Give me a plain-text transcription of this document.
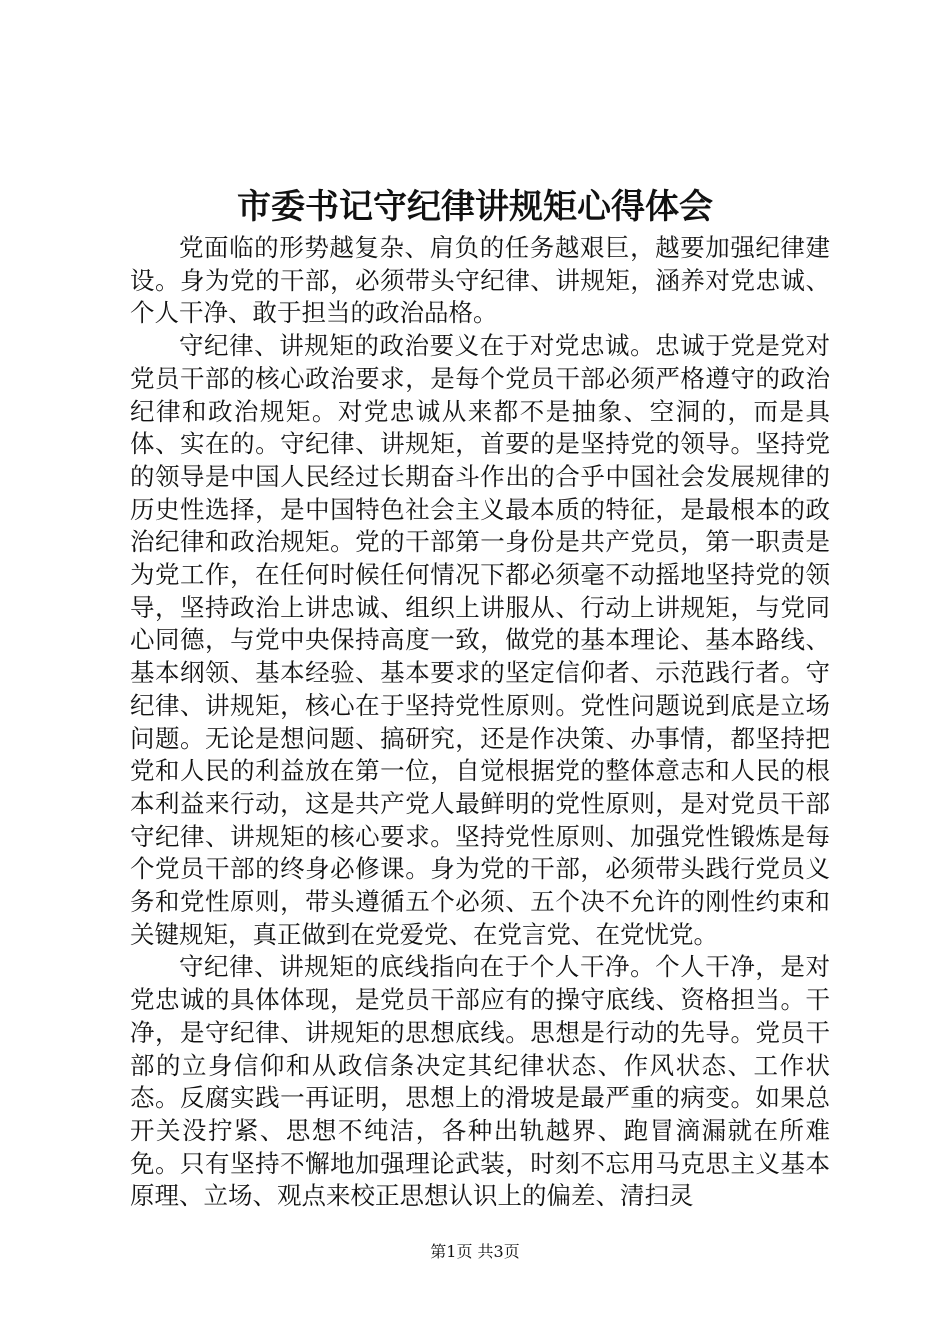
市委书记守纪律讲规矩心得体会

党面临的形势越复杂、肩负的任务越艰巨，越要加强纪律建设。身为党的干部，必须带头守纪律、讲规矩，涵养对党忠诚、个人干净、敢于担当的政治品格。

守纪律、讲规矩的政治要义在于对党忠诚。忠诚于党是党对党员干部的核心政治要求，是每个党员干部必须严格遵守的政治纪律和政治规矩。对党忠诚从来都不是抽象、空洞的，而是具体、实在的。守纪律、讲规矩，首要的是坚持党的领导。坚持党的领导是中国人民经过长期奋斗作出的合乎中国社会发展规律的历史性选择，是中国特色社会主义最本质的特征，是最根本的政治纪律和政治规矩。党的干部第一身份是共产党员，第一职责是为党工作，在任何时候任何情况下都必须毫不动摇地坚持党的领导，坚持政治上讲忠诚、组织上讲服从、行动上讲规矩，与党同心同德，与党中央保持高度一致，做党的基本理论、基本路线、基本纲领、基本经验、基本要求的坚定信仰者、示范践行者。守纪律、讲规矩，核心在于坚持党性原则。党性问题说到底是立场问题。无论是想问题、搞研究，还是作决策、办事情，都坚持把党和人民的利益放在第一位，自觉根据党的整体意志和人民的根本利益来行动，这是共产党人最鲜明的党性原则，是对党员干部守纪律、讲规矩的核心要求。坚持党性原则、加强党性锻炼是每个党员干部的终身必修课。身为党的干部，必须带头践行党员义务和党性原则，带头遵循五个必须、五个决不允许的刚性约束和关键规矩，真正做到在党爱党、在党言党、在党忧党。

守纪律、讲规矩的底线指向在于个人干净。个人干净，是对党忠诚的具体体现，是党员干部应有的操守底线、资格担当。干净，是守纪律、讲规矩的思想底线。思想是行动的先导。党员干部的立身信仰和从政信条决定其纪律状态、作风状态、工作状态。反腐实践一再证明，思想上的滑坡是最严重的病变。如果总开关没拧紧、思想不纯洁，各种出轨越界、跑冒滴漏就在所难免。只有坚持不懈地加强理论武装，时刻不忘用马克思主义基本原理、立场、观点来校正思想认识上的偏差、清扫灵

第1页 共3页
